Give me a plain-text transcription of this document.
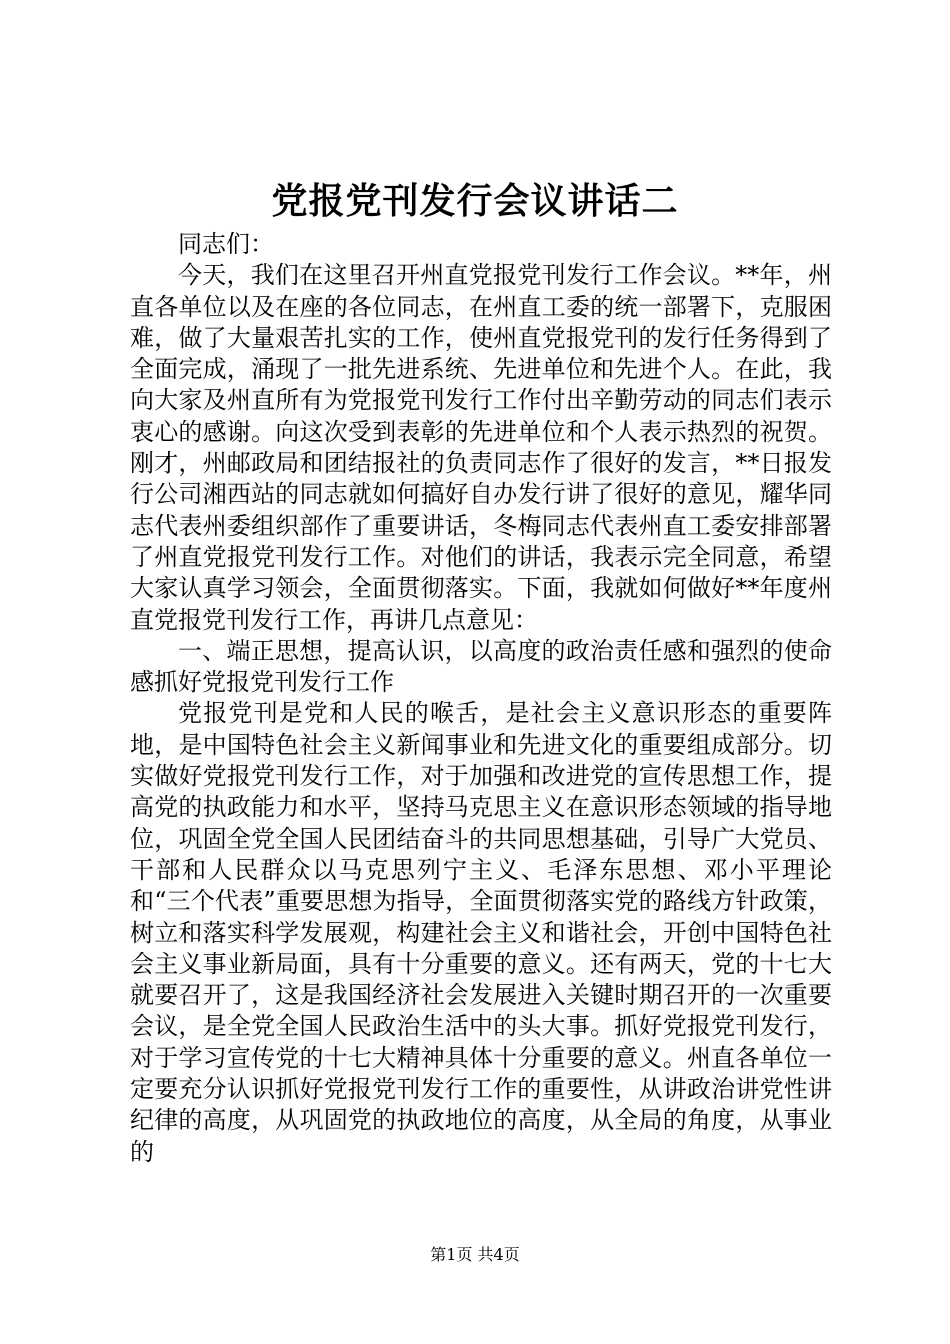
党报党刊发行会议讲话二

同志们：

今天，我们在这里召开州直党报党刊发行工作会议。**年，州直各单位以及在座的各位同志，在州直工委的统一部署下，克服困难，做了大量艰苦扎实的工作，使州直党报党刊的发行任务得到了全面完成，涌现了一批先进系统、先进单位和先进个人。在此，我向大家及州直所有为党报党刊发行工作付出辛勤劳动的同志们表示衷心的感谢。向这次受到表彰的先进单位和个人表示热烈的祝贺。刚才，州邮政局和团结报社的负责同志作了很好的发言，**日报发行公司湘西站的同志就如何搞好自办发行讲了很好的意见，耀华同志代表州委组织部作了重要讲话，冬梅同志代表州直工委安排部署了州直党报党刊发行工作。对他们的讲话，我表示完全同意，希望大家认真学习领会，全面贯彻落实。下面，我就如何做好**年度州直党报党刊发行工作，再讲几点意见：

一、端正思想，提高认识，以高度的政治责任感和强烈的使命感抓好党报党刊发行工作

党报党刊是党和人民的喉舌，是社会主义意识形态的重要阵地，是中国特色社会主义新闻事业和先进文化的重要组成部分。切实做好党报党刊发行工作，对于加强和改进党的宣传思想工作，提高党的执政能力和水平，坚持马克思主义在意识形态领域的指导地位，巩固全党全国人民团结奋斗的共同思想基础，引导广大党员、干部和人民群众以马克思列宁主义、毛泽东思想、邓小平理论和“三个代表”重要思想为指导，全面贯彻落实党的路线方针政策，树立和落实科学发展观，构建社会主义和谐社会，开创中国特色社会主义事业新局面，具有十分重要的意义。还有两天，党的十七大就要召开了，这是我国经济社会发展进入关键时期召开的一次重要会议，是全党全国人民政治生活中的头大事。抓好党报党刊发行，对于学习宣传党的十七大精神具体十分重要的意义。州直各单位一定要充分认识抓好党报党刊发行工作的重要性，从讲政治讲党性讲纪律的高度，从巩固党的执政地位的高度，从全局的角度，从事业的

第1页 共4页
